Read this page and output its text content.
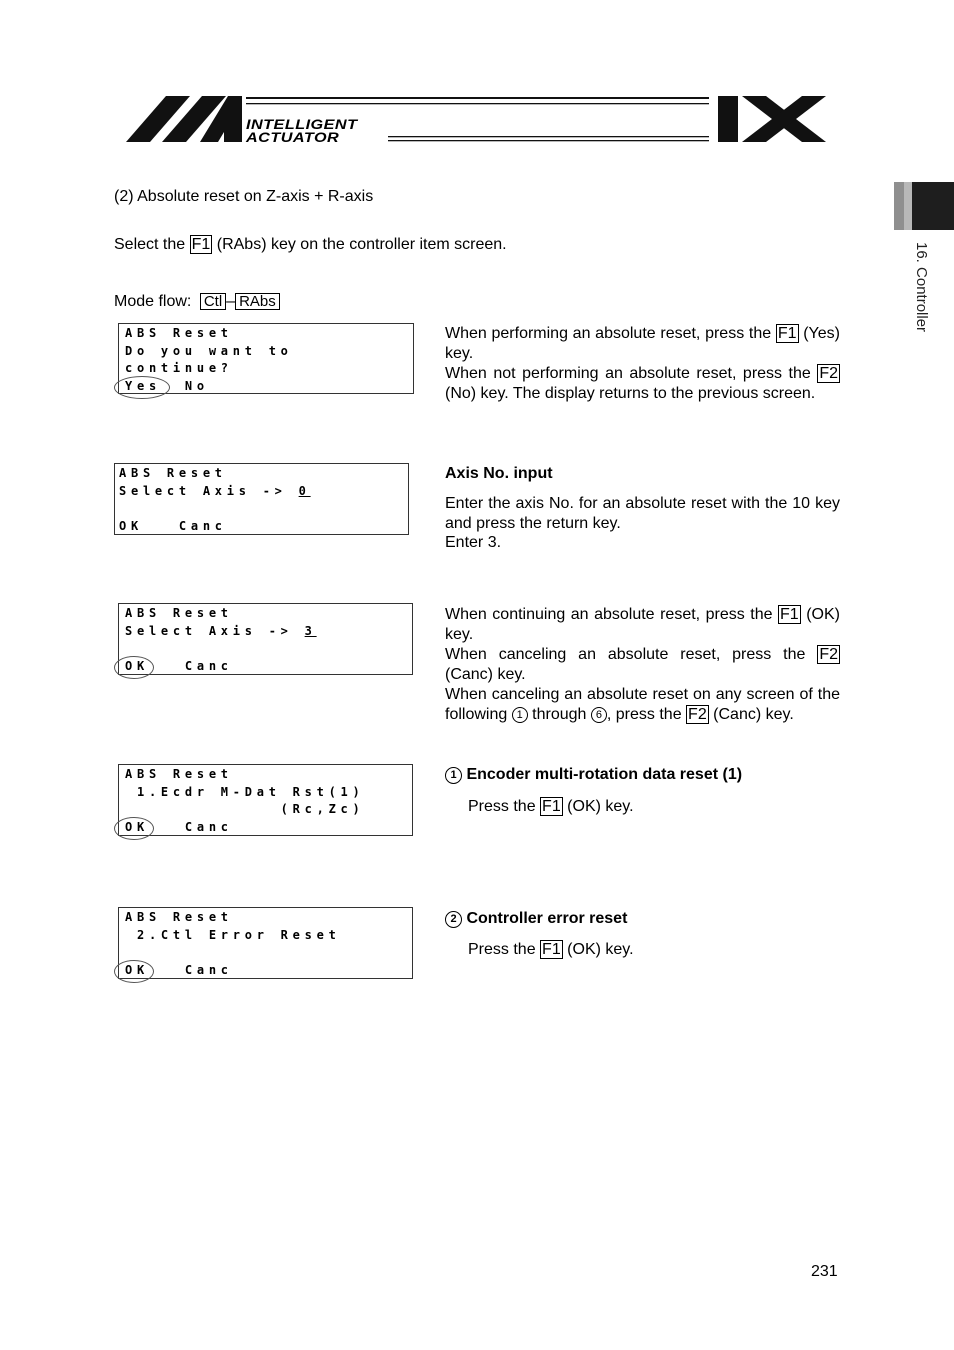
INTELLIGENT
ACTUATOR
16. Controller

(2) Absolute reset on Z-axis + R-axis

Select the F1 (RAbs) key on the controller item screen.

Mode flow: Ctl – RAbs

ABS Reset
Do you want to
continue?
Yes  No
When performing an absolute reset, press the F1 (Yes) key.
When not performing an absolute reset, press the F2 (No) key. The display returns to the previous screen.
ABS Reset
Select Axis -> 0
OK   Canc
Axis No. input
Enter the axis No. for an absolute reset with the 10 key and press the return key.
Enter 3.
ABS Reset
Select Axis -> 3
OK   Canc
When continuing an absolute reset, press the F1 (OK) key.
When canceling an absolute reset, press the F2 (Canc) key.
When canceling an absolute reset on any screen of the following 1 through 6 , press the F2 (Canc) key.
ABS Reset
1.Ecdr M-Dat Rst(1)
(Rc,Zc)
OK   Canc
1 Encoder multi-rotation data reset (1)
Press the F1 (OK) key.
ABS Reset
2.Ctl Error Reset
OK   Canc
2 Controller error reset
Press the F1 (OK) key.

231
